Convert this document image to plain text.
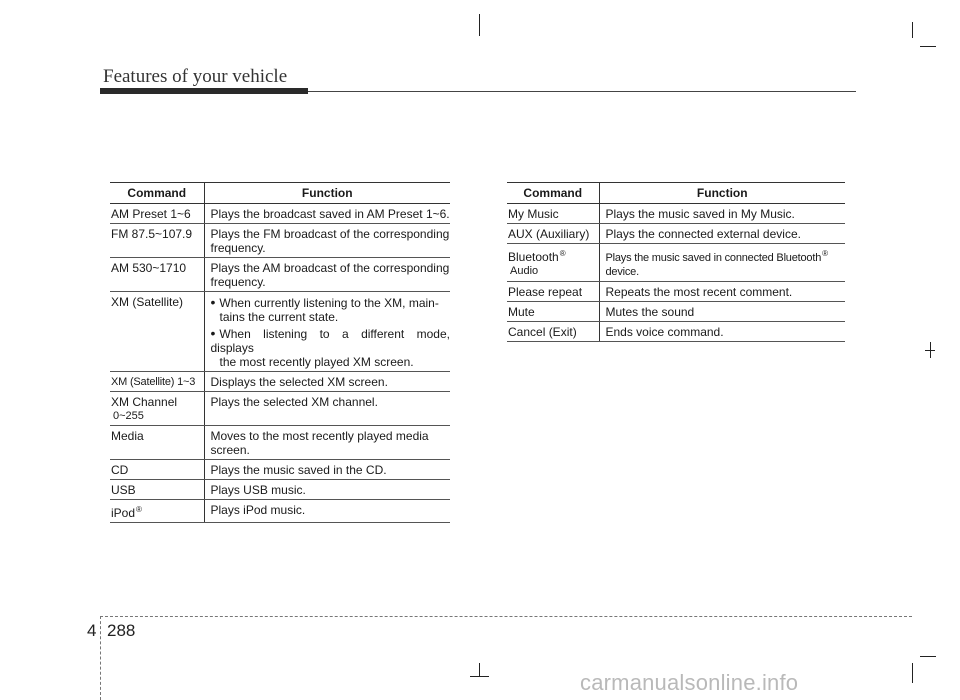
Features of your vehicle
Command	Function
AM Preset 1~6	Plays the broadcast saved in AM Preset 1~6.
FM 87.5~107.9	Plays the FM broadcast of the corresponding
frequency.
AM 530~1710	Plays the AM broadcast of the corresponding
frequency.
XM (Satellite)	• When currently listening to the XM, main-
tains the current state.
• When listening to a different mode, displays
the most recently played XM screen.

XM (Satellite) 1~3	Displays the selected XM screen.
XM Channel
0~255	Plays the selected XM channel.
Media	Moves to the most recently played media
screen.
CD	Plays the music saved in the CD.
USB	Plays USB music.
iPod®	Plays iPod music.
Command	Function
My Music	Plays the music saved in My Music.
AUX (Auxiliary)	Plays the connected external device.
Bluetooth®
Audio	Plays the music saved in connected Bluetooth®
device.
Please repeat	Repeats the most recent comment.
Mute	Mutes the sound
Cancel (Exit)	Ends voice command.
4 288
carmanualsonline.info
